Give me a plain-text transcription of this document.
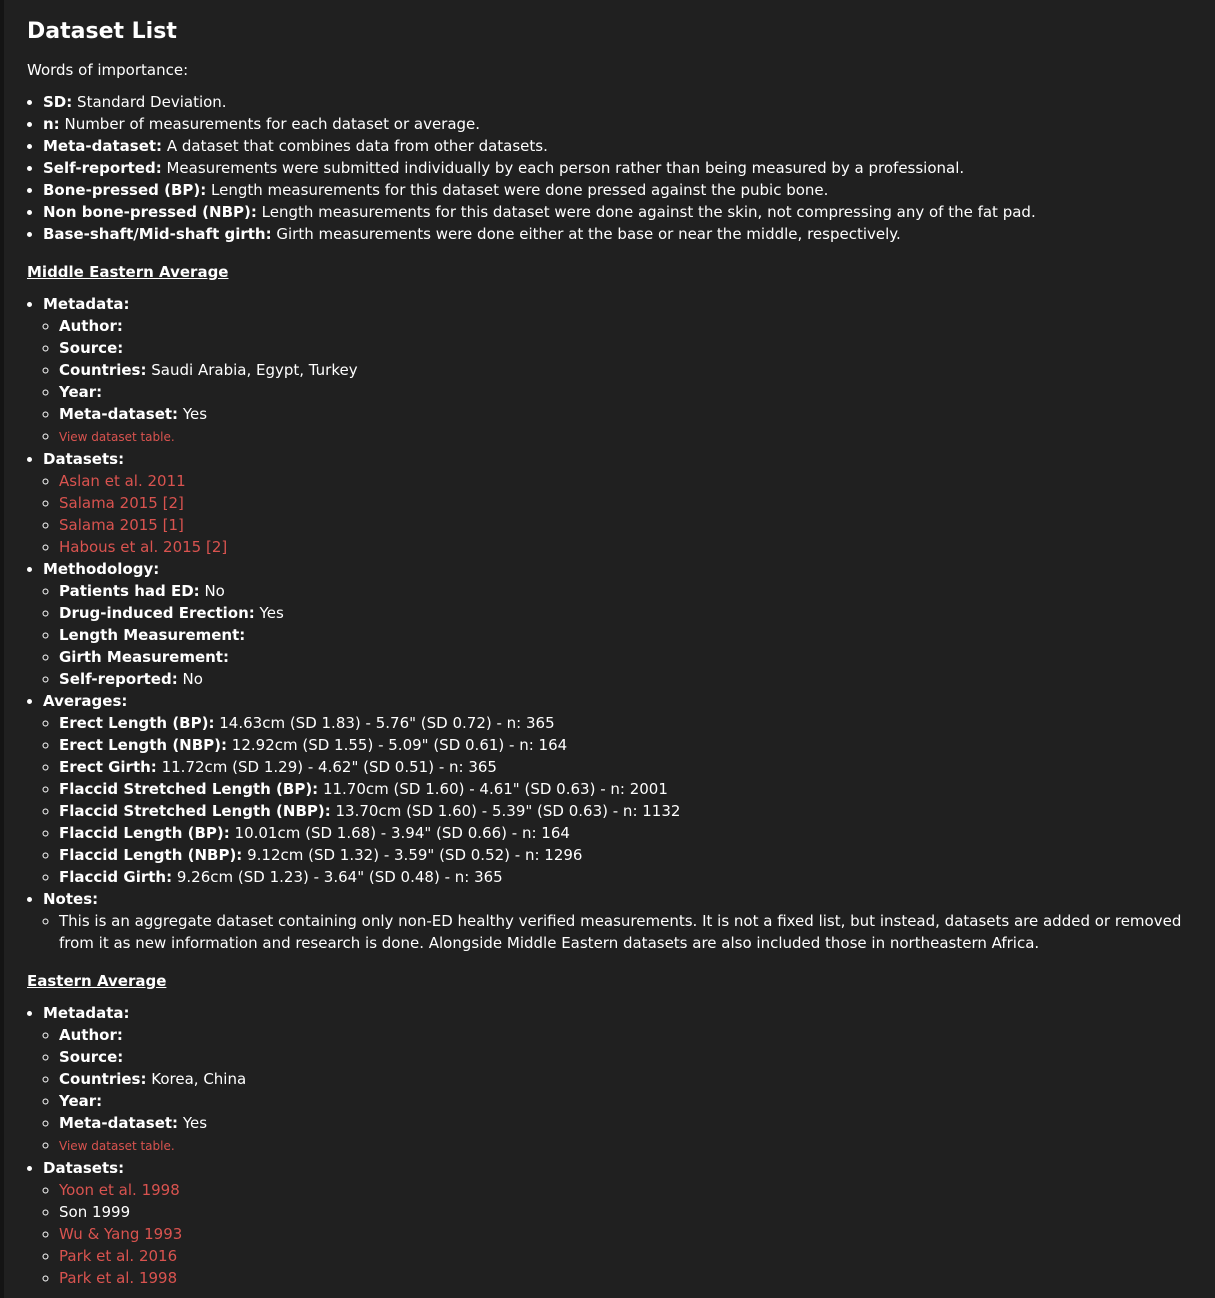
Dataset List

Words of importance:

• SD: Standard Deviation.
• n: Number of measurements for each dataset or average.
• Meta-dataset: A dataset that combines data from other datasets.
• Self-reported: Measurements were submitted individually by each person rather than being measured by a professional.
• Bone-pressed (BP): Length measurements for this dataset were done pressed against the pubic bone.
• Non bone-pressed (NBP): Length measurements for this dataset were done against the skin, not compressing any of the fat pad.
• Base-shaft/Mid-shaft girth: Girth measurements were done either at the base or near the middle, respectively.
Middle Eastern Average
• Metadata:
◦ Author:
◦ Source:
◦ Countries: Saudi Arabia, Egypt, Turkey
◦ Year:
◦ Meta-dataset: Yes
◦ View dataset table.
• Datasets:
◦ Aslan et al. 2011
◦ Salama 2015 [2]
◦ Salama 2015 [1]
◦ Habous et al. 2015 [2]
• Methodology:
◦ Patients had ED: No
◦ Drug-induced Erection: Yes
◦ Length Measurement:
◦ Girth Measurement:
◦ Self-reported: No
• Averages:
◦ Erect Length (BP): 14.63cm (SD 1.83) - 5.76" (SD 0.72) - n: 365
◦ Erect Length (NBP): 12.92cm (SD 1.55) - 5.09" (SD 0.61) - n: 164
◦ Erect Girth: 11.72cm (SD 1.29) - 4.62" (SD 0.51) - n: 365
◦ Flaccid Stretched Length (BP): 11.70cm (SD 1.60) - 4.61" (SD 0.63) - n: 2001
◦ Flaccid Stretched Length (NBP): 13.70cm (SD 1.60) - 5.39" (SD 0.63) - n: 1132
◦ Flaccid Length (BP): 10.01cm (SD 1.68) - 3.94" (SD 0.66) - n: 164
◦ Flaccid Length (NBP): 9.12cm (SD 1.32) - 3.59" (SD 0.52) - n: 1296
◦ Flaccid Girth: 9.26cm (SD 1.23) - 3.64" (SD 0.48) - n: 365
• Notes:
◦ This is an aggregate dataset containing only non-ED healthy verified measurements. It is not a fixed list, but instead, datasets are added or removed from it as new information and research is done. Alongside Middle Eastern datasets are also included those in northeastern Africa.
Eastern Average
• Metadata:
◦ Author:
◦ Source:
◦ Countries: Korea, China
◦ Year:
◦ Meta-dataset: Yes
◦ View dataset table.
• Datasets:
◦ Yoon et al. 1998
◦ Son 1999
◦ Wu & Yang 1993
◦ Park et al. 2016
◦ Park et al. 1998
